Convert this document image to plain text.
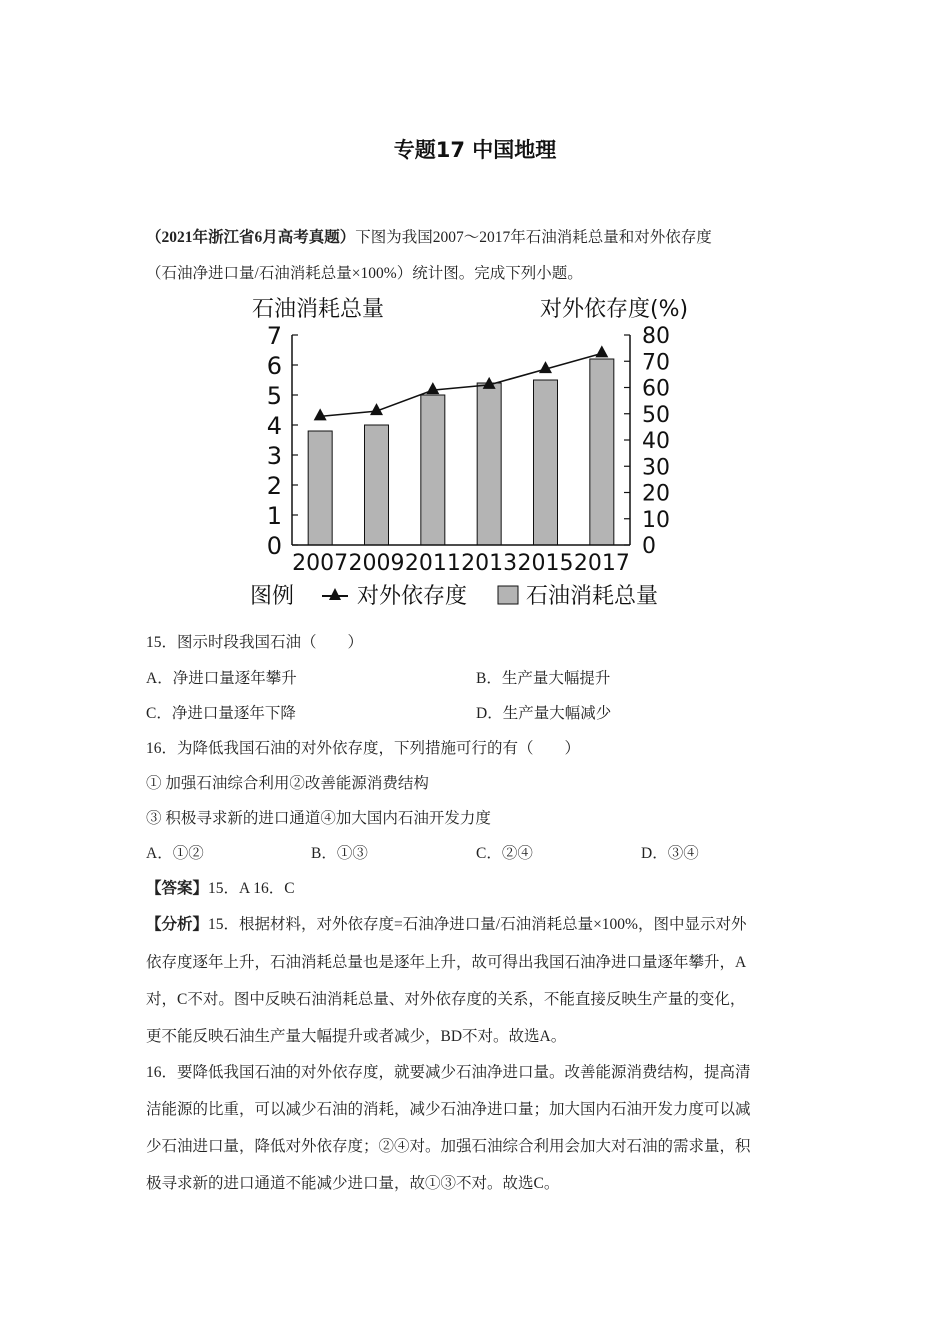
专题17 中国地理
（2021年浙江省6月高考真题）下图为我国2007～2017年石油消耗总量和对外依存度
（石油净进口量/石油消耗总量×100%）统计图。完成下列小题。
0
1
2
3
4
5
6
7
0
10
20
30
40
50
60
70
80
2007 2009 2011 2013 2015 2017
石油消耗总量	对外依存度(%)
图例	对外依存度	石油消耗总量
15．图示时段我国石油（　　）
A．净进口量逐年攀升	B．生产量大幅提升
C．净进口量逐年下降	D．生产量大幅减少
16．为降低我国石油的对外依存度，下列措施可行的有（　　）
① 加强石油综合利用②改善能源消费结构
③ 积极寻求新的进口通道④加大国内石油开发力度
A．①②	B．①③	C．②④	D．③④
【答案】15．A 16．C
【分析】15．根据材料，对外依存度=石油净进口量/石油消耗总量×100%，图中显示对外
依存度逐年上升，石油消耗总量也是逐年上升，故可得出我国石油净进口量逐年攀升，A
对，C不对。图中反映石油消耗总量、对外依存度的关系，不能直接反映生产量的变化，
更不能反映石油生产量大幅提升或者减少，BD不对。故选A。
16．要降低我国石油的对外依存度，就要减少石油净进口量。改善能源消费结构，提高清
洁能源的比重，可以减少石油的消耗，减少石油净进口量；加大国内石油开发力度可以减
少石油进口量，降低对外依存度；②④对。加强石油综合利用会加大对石油的需求量，积
极寻求新的进口通道不能减少进口量，故①③不对。故选C。
